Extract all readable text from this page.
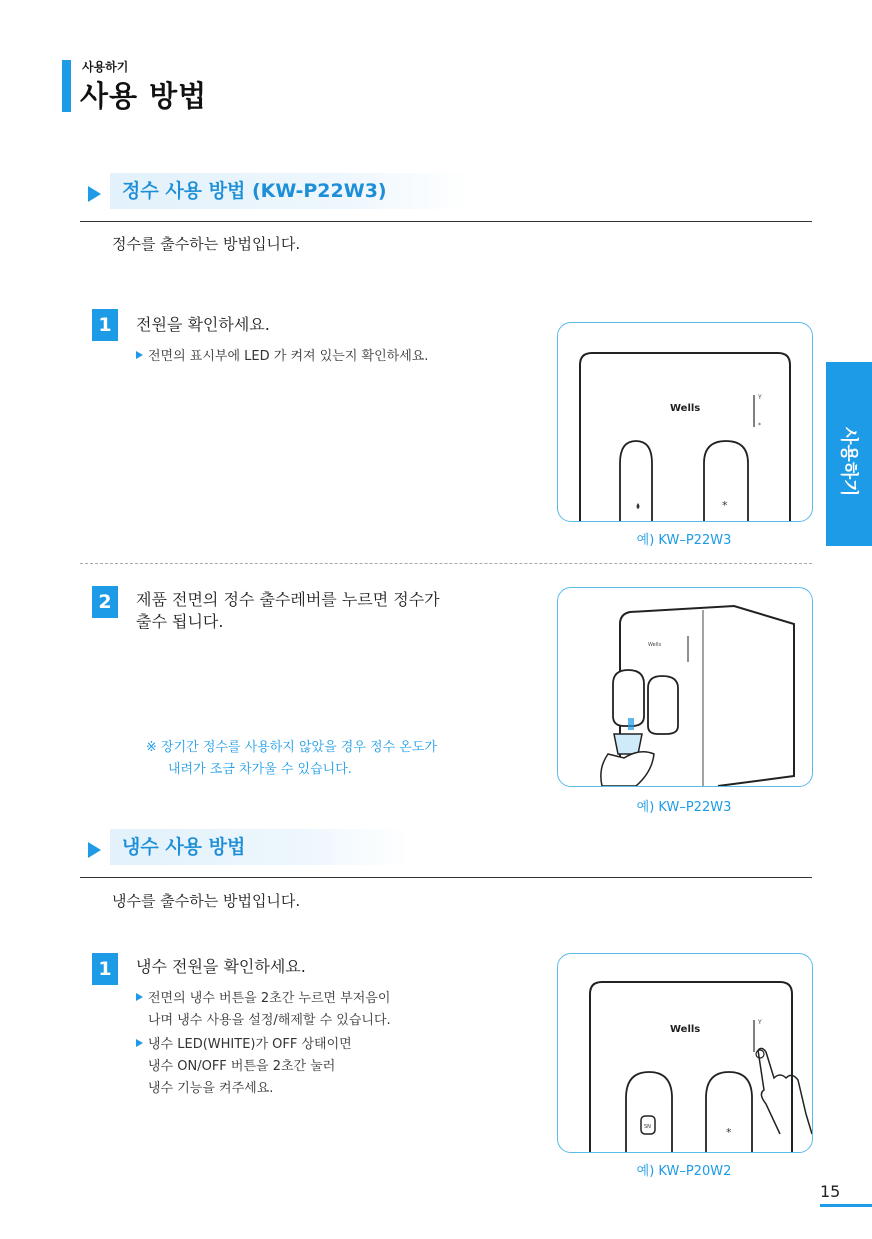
사용하기
사용 방법
정수 사용 방법 (KW-P22W3)
정수를 출수하는 방법입니다.
1	전원을 확인하세요.
전면의 표시부에 LED 가 켜져 있는지 확인하세요.
Y
*
*
Wells
예) KW–P22W3
2	제품 전면의 정수 출수레버를 누르면 정수가
출수 됩니다.
※ 장기간 정수를 사용하지 않았을 경우 정수 온도가
내려가 조금 차가울 수 있습니다.
Wells
예) KW–P22W3
냉수 사용 방법
냉수를 출수하는 방법입니다.
1	냉수 전원을 확인하세요.
전면의 냉수 버튼을 2초간 누르면 부저음이
나며 냉수 사용을 설정/해제할 수 있습니다.
냉수 LED(WHITE)가 OFF 상태이면
냉수 ON/OFF 버튼을 2초간 눌러
냉수 기능을 켜주세요.
Y
SN	*
Wells
예) KW–P20W2
사용하기
15
